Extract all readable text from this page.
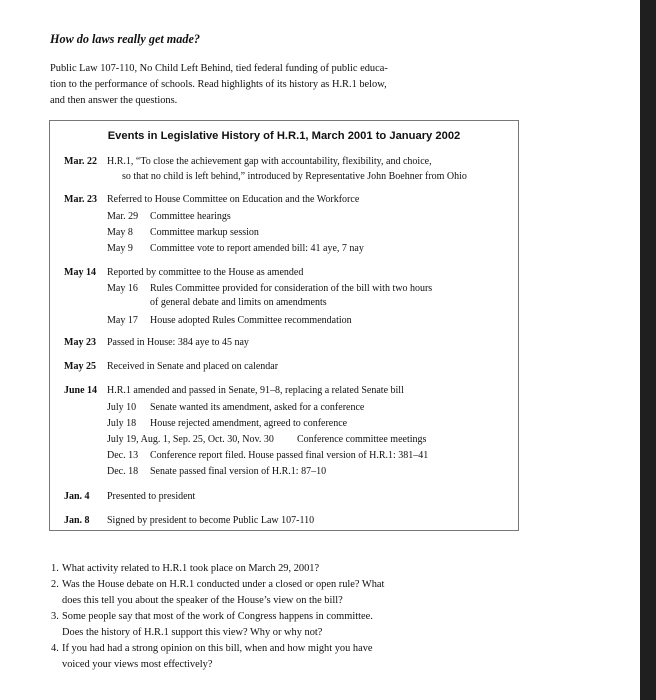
How do laws really get made?
Public Law 107-110, No Child Left Behind, tied federal funding of public educa-
tion to the performance of schools. Read highlights of its history as H.R.1 below,
and then answer the questions.
Events in Legislative History of H.R.1, March 2001 to January 2002
Mar. 22 H.R.1, “To close the achievement gap with accountability, flexibility, and choice,
so that no child is left behind,” introduced by Representative John Boehner from Ohio
Mar. 23 Referred to House Committee on Education and the Workforce
Mar. 29 Committee hearings
May 8 Committee markup session
May 9 Committee vote to report amended bill: 41 aye, 7 nay
May 14 Reported by committee to the House as amended
May 16 Rules Committee provided for consideration of the bill with two hours
of general debate and limits on amendments
May 17 House adopted Rules Committee recommendation
May 23 Passed in House: 384 aye to 45 nay
May 25 Received in Senate and placed on calendar
June 14 H.R.1 amended and passed in Senate, 91–8, replacing a related Senate bill
July 10 Senate wanted its amendment, asked for a conference
July 18 House rejected amendment, agreed to conference
July 19, Aug. 1, Sep. 25, Oct. 30, Nov. 30 Conference committee meetings
Dec. 13 Conference report filed. House passed final version of H.R.1: 381–41
Dec. 18 Senate passed final version of H.R.1: 87–10
Jan. 4 Presented to president
Jan. 8 Signed by president to become Public Law 107-110
1. What activity related to H.R.1 took place on March 29, 2001?
2. Was the House debate on H.R.1 conducted under a closed or open rule? What
does this tell you about the speaker of the House’s view on the bill?
3. Some people say that most of the work of Congress happens in committee.
Does the history of H.R.1 support this view? Why or why not?
4. If you had had a strong opinion on this bill, when and how might you have
voiced your views most effectively?
